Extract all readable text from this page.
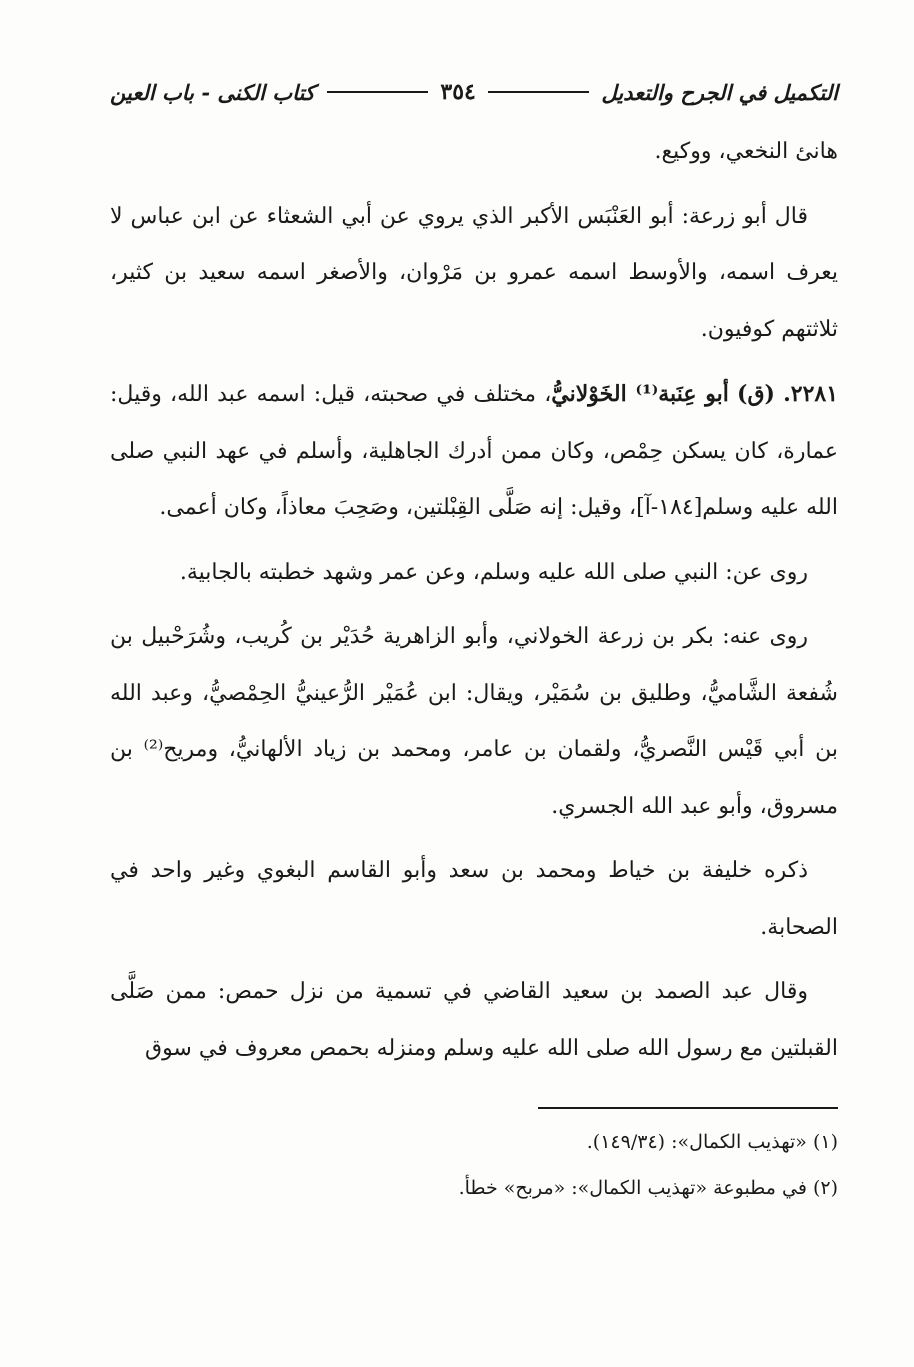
التكميل في الجرح والتعديل
٣٥٤
كتاب الكنى - باب العين

هانئ النخعي، ووكيع.

قال أبو زرعة: أبو العَنْبَس الأكبر الذي يروي عن أبي الشعثاء عن ابن عباس لا يعرف اسمه، والأوسط اسمه عمرو بن مَرْوان، والأصغر اسمه سعيد بن كثير، ثلاثتهم كوفيون.

٢٢٨١. (ق) أبو عِنَبة⁽¹⁾ الخَوْلانيُّ، مختلف في صحبته، قيل: اسمه عبد الله، وقيل: عمارة، كان يسكن حِمْص، وكان ممن أدرك الجاهلية، وأسلم في عهد النبي صلى الله عليه وسلم[١٨٤-آ]، وقيل: إنه صَلَّى القِبْلتين، وصَحِبَ معاذاً، وكان أعمى.

روى عن: النبي صلى الله عليه وسلم، وعن عمر وشهد خطبته بالجابية.

روى عنه: بكر بن زرعة الخولاني، وأبو الزاهرية حُدَيْر بن كُريب، وشُرَحْبيل بن شُفعة الشَّاميُّ، وطليق بن سُمَيْر، ويقال: ابن عُمَيْر الرُّعينيُّ الحِمْصيُّ، وعبد الله بن أبي قَيْس النَّصريُّ، ولقمان بن عامر، ومحمد بن زياد الألهانيُّ، ومريح⁽²⁾ بن مسروق، وأبو عبد الله الجسري.

ذكره خليفة بن خياط ومحمد بن سعد وأبو القاسم البغوي وغير واحد في الصحابة.

وقال عبد الصمد بن سعيد القاضي في تسمية من نزل حمص: ممن صَلَّى القبلتين مع رسول الله صلى الله عليه وسلم ومنزله بحمص معروف في سوق

(١) «تهذيب الكمال»: (١٤٩/٣٤).
(٢) في مطبوعة «تهذيب الكمال»: «مربح» خطأ.
